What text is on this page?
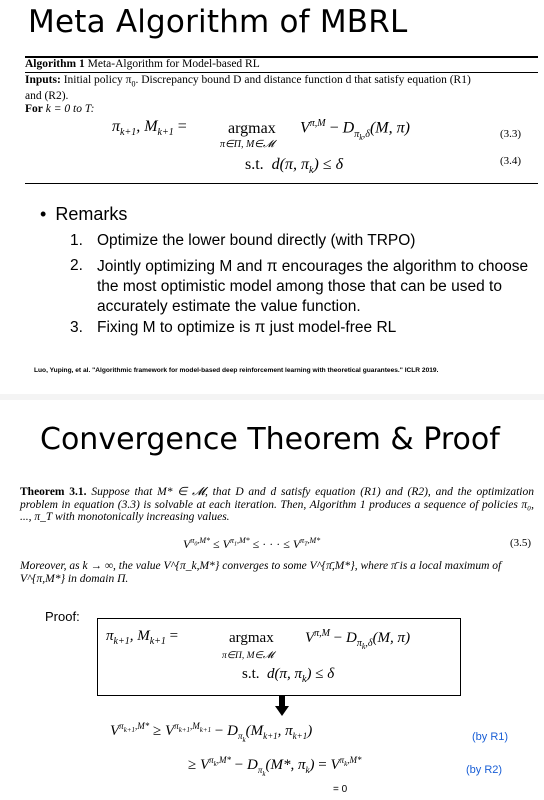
Meta Algorithm of MBRL
Algorithm 1 Meta-Algorithm for Model-based RL
Inputs: Initial policy $\pi_0$. Discrepancy bound D and distance function d that satisfy equation (R1)
and (R2).
For k = 0 to T:
$\pi_{k+1}$, $M_{k+1}$ =	argmax
π∈Π, M∈𝓜
$V^{\pi,M} - D_{\pi_k,\delta}(M$, π)	(3.3)
s.t.  d(π, $\pi_k) \le \delta$	(3.4)
• Remarks
1. Optimize the lower bound directly (with TRPO)
2. Jointly optimizing M and π encourages the algorithm to choose the most optimistic model among those that can be used to accurately estimate the value function.
3. Fixing M to optimize is π just model-free RL
Luo, Yuping, et al. "Algorithmic framework for model-based deep reinforcement learning with theoretical guarantees." ICLR 2019.
Convergence Theorem & Proof
Theorem 3.1. Suppose that M* ∈ 𝓜, that D and d satisfy equation (R1) and (R2), and the optimization problem in equation (3.3) is solvable at each iteration. Then, Algorithm 1 produces a sequence of policies π₀, ..., π_T with monotonically increasing values.
$V^{\pi_0,M*} \le V^{\pi_1,M*}$ ≤ · · · ≤ $V^{\pi_T,M*}$	(3.5)
Moreover, as k → ∞, the value V^{π_k,M*} converges to some V^{π̄,M*}, where π̄ is a local maximum of V^{π,M*} in domain Π.
Proof:
$\pi_{k+1}$, $M_{k+1}$ =	argmax
π∈Π, M∈𝓜
$V^{\pi,M} - D_{\pi_k,\delta}(M$, π)
s.t.  d(π, $\pi_k) \le \delta$
$V^{\pi_{k+1},M*} \ge V^{\pi_{k+1},M_{k+1}} - D_{\pi_k}(M_{k+1}$, $\pi_{k+1}$)	(by R1)
≥ $V^{\pi_k,M*} - D_{\pi_k}(M*$, $\pi_k) = V^{\pi_k,M*}$
(by R2)
= 0
